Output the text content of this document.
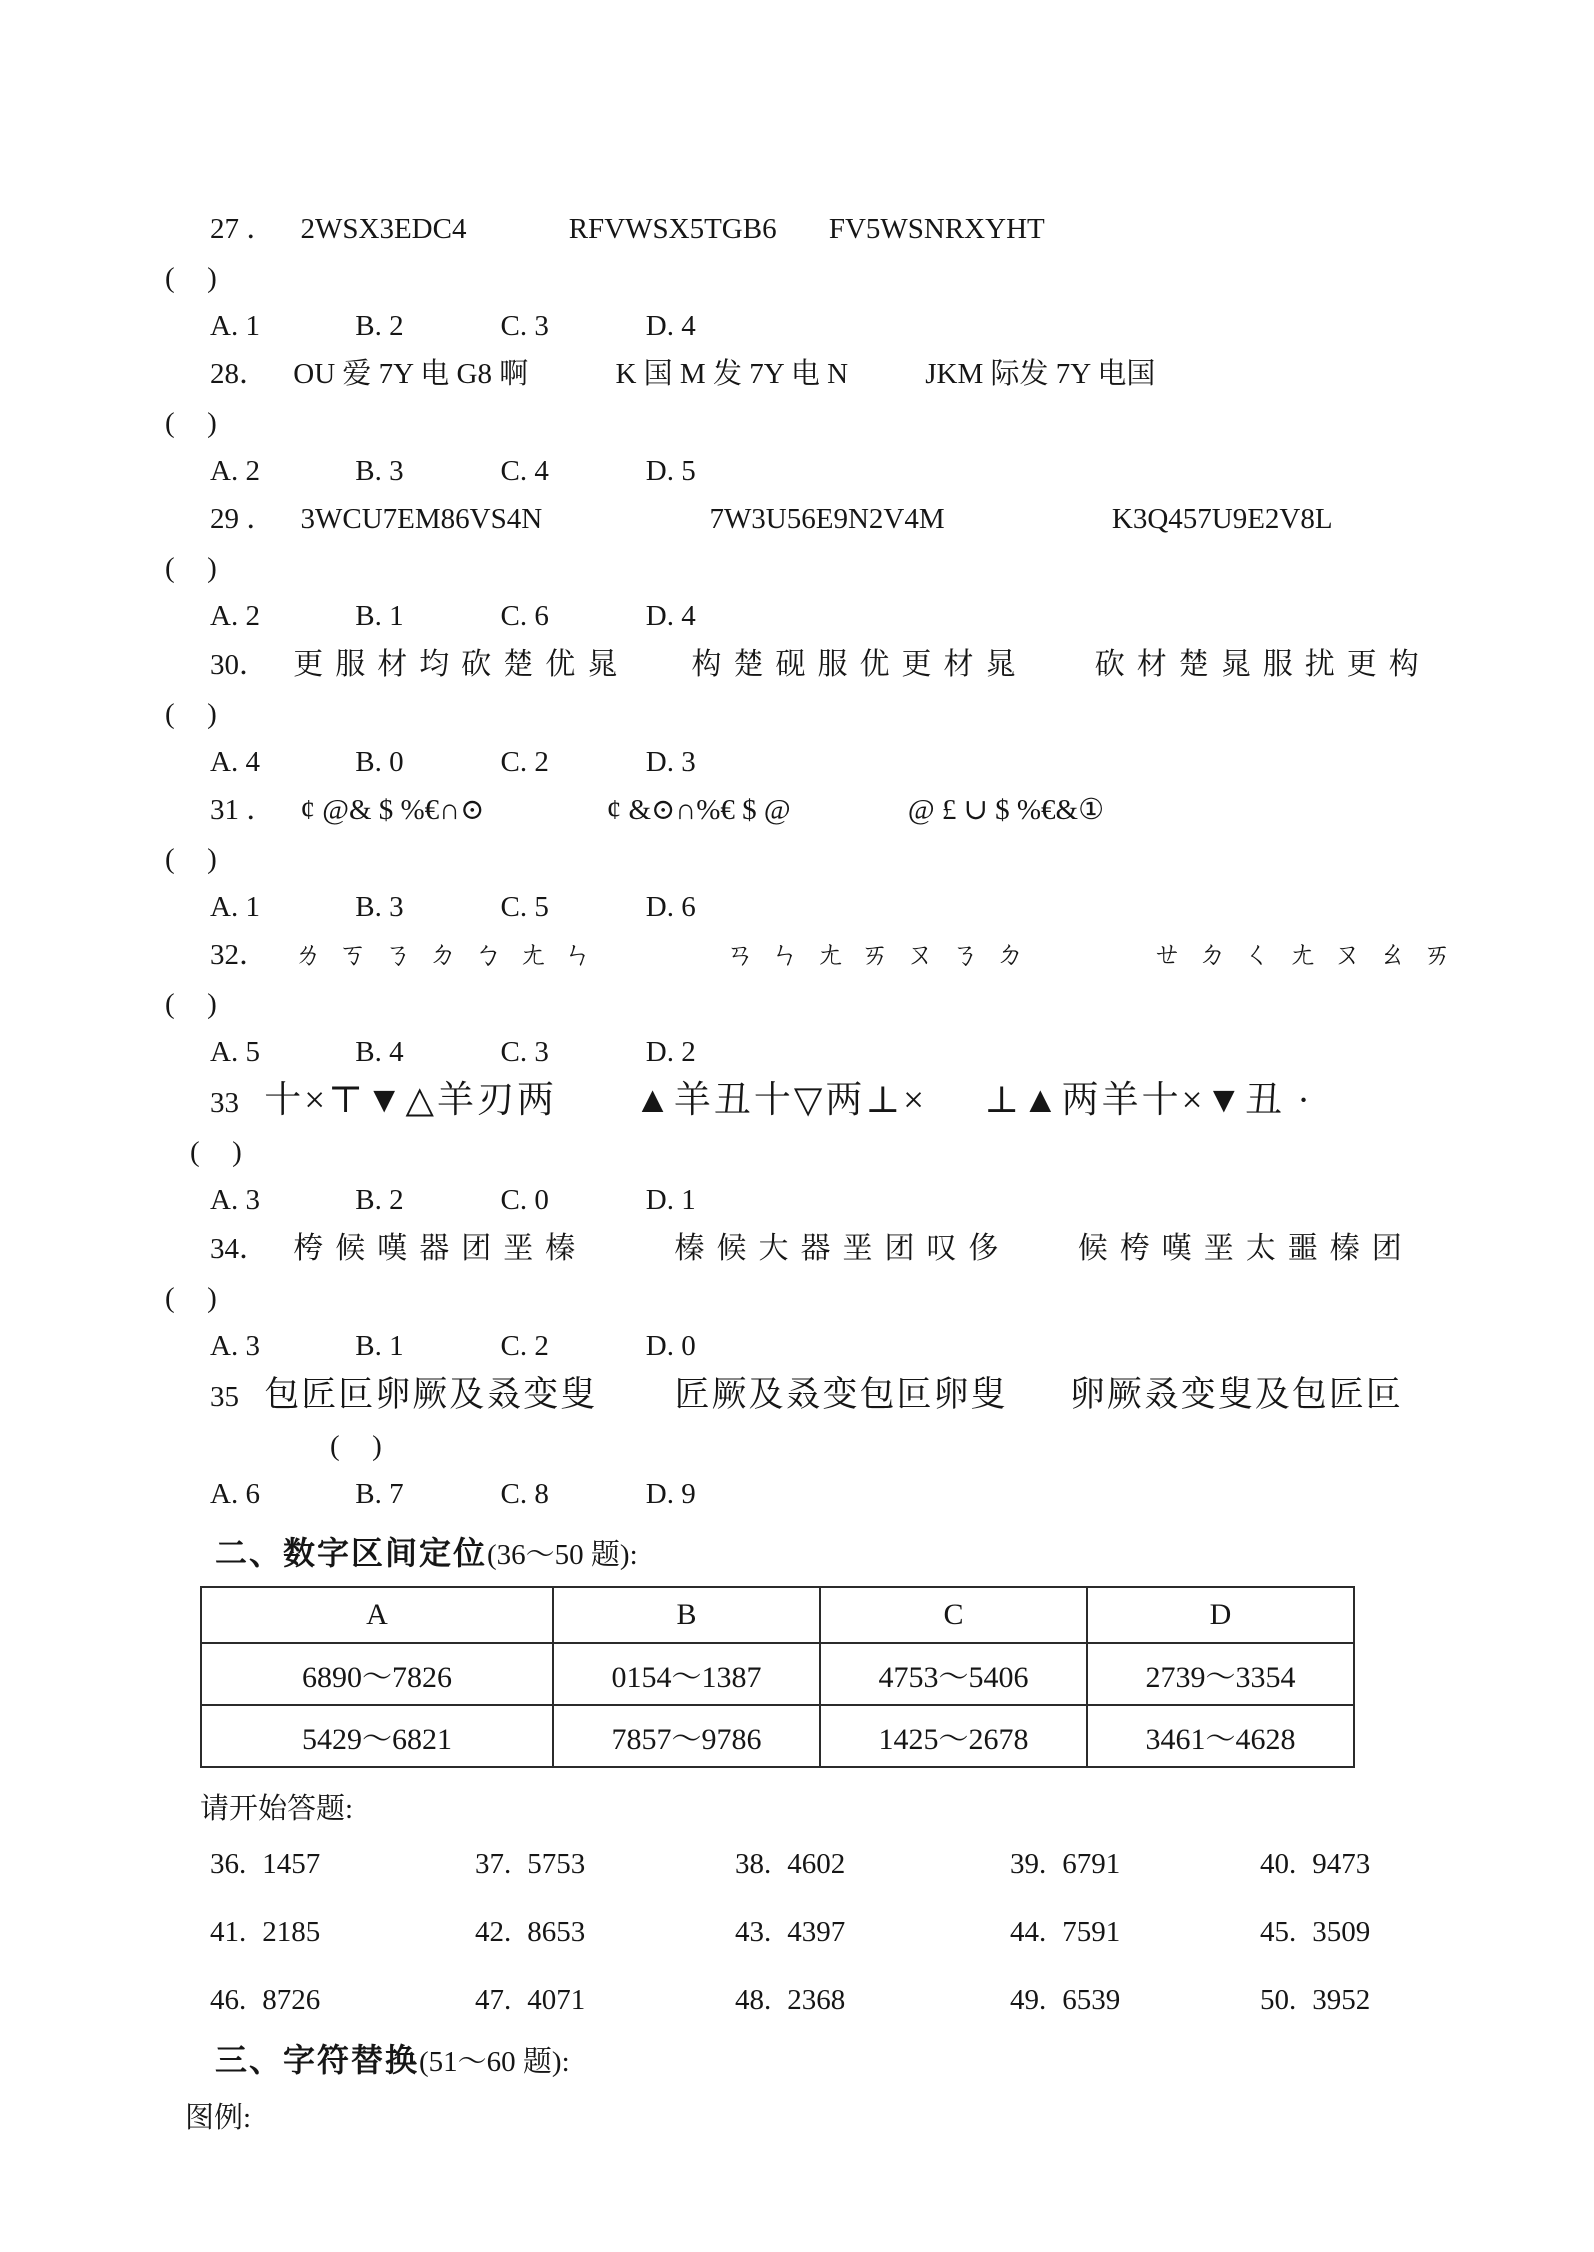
27 ． 2WSX3EDC4	RFVWSX5TGB6 FV5WSNRXYHT
(  )
A. 1	B. 2	C. 3	D. 4
28． OU 爱 7Y 电 G8 啊	K 国 M 发 7Y 电 N	JKM 际发 7Y 电国
(  )
A. 2	B. 3	C. 4	D. 5
29 ． 3WCU7EM86VS4N	7W3U56E9N2V4M	K3Q457U9E2V8L
(  )
A. 2	B. 1	C. 6	D. 4
30． 更服材均砍楚优晁 构楚砚服优更材晁 砍材楚晁服扰更构
(  )
A. 4	B. 0	C. 2	D. 3
31 ． ¢ @& $ %€∩⊙	¢ &⊙∩%€ $ @	@ £ ∪ $ %€&①
(  )
A. 1	B. 3	C. 5	D. 6
32． ㄌㄎㄋㄉㄅㄤㄣ	ㄢㄣㄤㄞㄡㄋㄉ	ㄝㄉㄑㄤㄡㄠㄞ
(  )
A. 5	B. 4	C. 3	D. 2
33 十×⊤▼△羊刃两 ▲羊丑十▽两⊥× ⊥▲两羊十×▼丑 ·
(  )
A. 3	B. 2	C. 0	D. 1
34． 桍候嘆器团垩榛	榛候大器垩团叹侈 候桍嘆垩太噩榛团
(  )
A. 3	B. 1	C. 2	D. 0
35 包匠叵卵厥及叒变叟 匠厥及叒变包叵卵叟 卵厥叒变叟及包匠叵
(  )
A. 6	B. 7	C. 8	D. 9
二、数字区间定位(36～50 题):
A	B	C	D
6890～7826	0154～1387	4753～5406	2739～3354
5429～6821	7857～9786	1425～2678	3461～4628
请开始答题:
36. 1457	37. 5753	38. 4602	39. 6791	40. 9473
41. 2185	42. 8653	43. 4397	44. 7591	45. 3509
46. 8726	47. 4071	48. 2368	49. 6539	50. 3952
三、字符替换(51～60 题):
图例:
